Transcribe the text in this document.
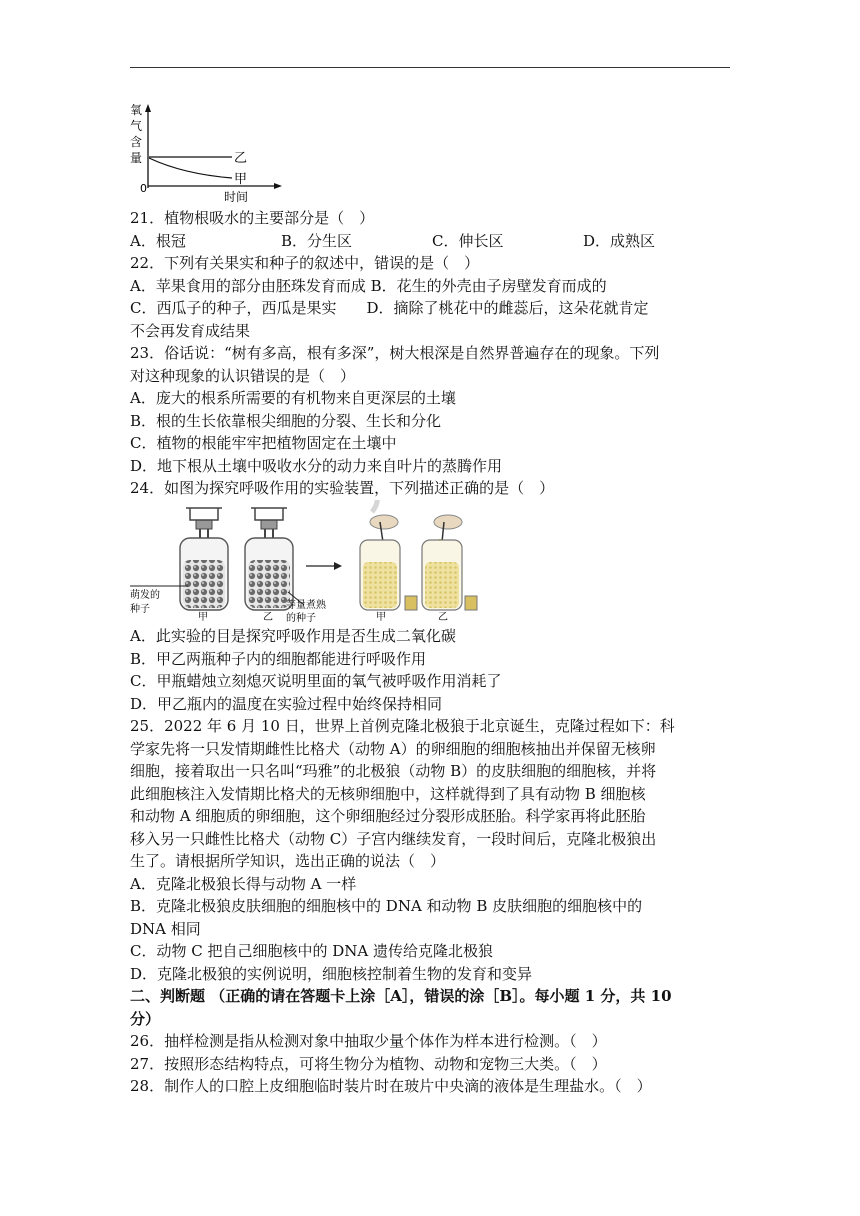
氧
气
含
量
0
时间
乙
甲
21．植物根吸水的主要部分是（　）
A．根冠	B．分生区	C．伸长区	D．成熟区
22．下列有关果实和种子的叙述中，错误的是（　）
A．苹果食用的部分由胚珠发育而成 B．花生的外壳由子房壁发育而成的
C．西瓜子的种子，西瓜是果实　　D．摘除了桃花中的雌蕊后，这朵花就肯定
不会再发育成结果
23．俗话说：“树有多高，根有多深”，树大根深是自然界普遍存在的现象。下列
对这种现象的认识错误的是（　）
A．庞大的根系所需要的有机物来自更深层的土壤
B．根的生长依靠根尖细胞的分裂、生长和分化
C．植物的根能牢牢把植物固定在土壤中
D．地下根从土壤中吸收水分的动力来自叶片的蒸腾作用
24．如图为探究呼吸作用的实验装置，下列描述正确的是（　）
萌发的
种子
甲	乙
等量煮熟
的种子	甲	乙
A．此实验的目是探究呼吸作用是否生成二氧化碳
B．甲乙两瓶种子内的细胞都能进行呼吸作用
C．甲瓶蜡烛立刻熄灭说明里面的氧气被呼吸作用消耗了
D．甲乙瓶内的温度在实验过程中始终保持相同
25．2022 年 6 月 10 日，世界上首例克隆北极狼于北京诞生，克隆过程如下：科
学家先将一只发情期雌性比格犬（动物 A）的卵细胞的细胞核抽出并保留无核卵
细胞，接着取出一只名叫“玛雅”的北极狼（动物 B）的皮肤细胞的细胞核，并将
此细胞核注入发情期比格犬的无核卵细胞中，这样就得到了具有动物 B 细胞核
和动物 A 细胞质的卵细胞，这个卵细胞经过分裂形成胚胎。科学家再将此胚胎
移入另一只雌性比格犬（动物 C）子宫内继续发育，一段时间后，克隆北极狼出
生了。请根据所学知识，选出正确的说法（　）
A．克隆北极狼长得与动物 A 一样
B．克隆北极狼皮肤细胞的细胞核中的 DNA 和动物 B 皮肤细胞的细胞核中的
DNA 相同
C．动物 C 把自己细胞核中的 DNA 遗传给克隆北极狼
D．克隆北极狼的实例说明，细胞核控制着生物的发育和变异
二、判断题 （正确的请在答题卡上涂［A］，错误的涂［B］。每小题 1 分，共 10
分）
26．抽样检测是指从检测对象中抽取少量个体作为样本进行检测。（　）
27．按照形态结构特点，可将生物分为植物、动物和宠物三大类。（　）
28．制作人的口腔上皮细胞临时装片时在玻片中央滴的液体是生理盐水。（　）
